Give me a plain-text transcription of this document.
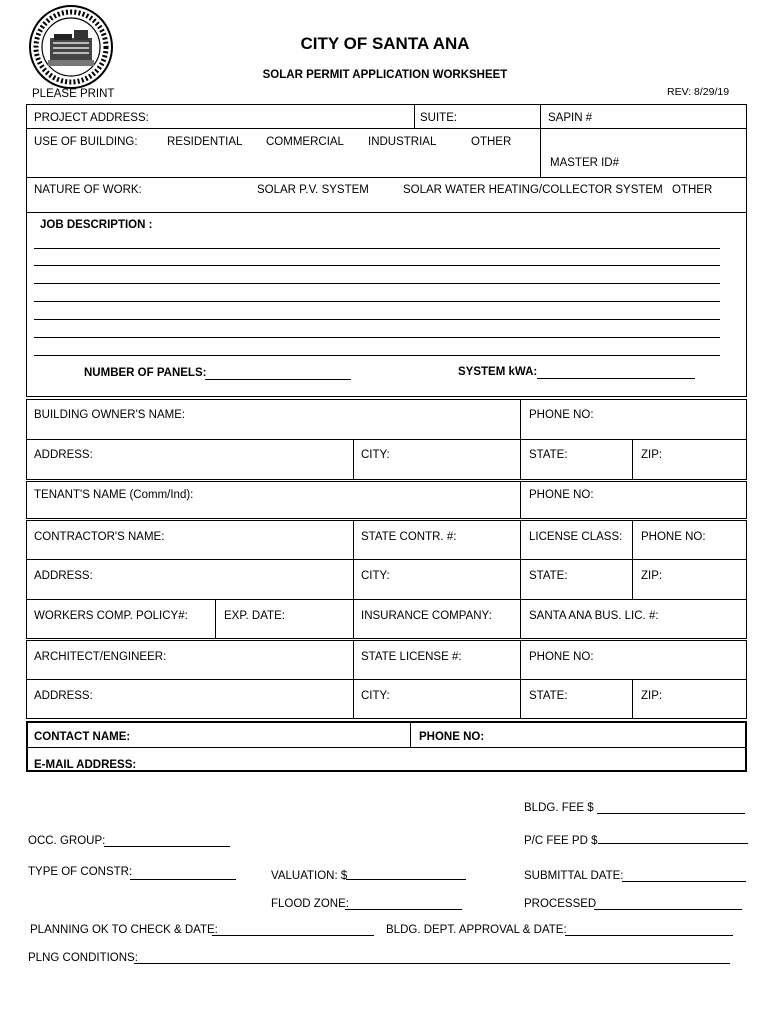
CITY OF SANTA ANA
SOLAR PERMIT APPLICATION WORKSHEET
REV: 8/29/19
PLEASE PRINT
PROJECT ADDRESS:	SUITE:	SAPIN #
USE OF BUILDING:	RESIDENTIAL COMMERCIAL INDUSTRIAL	OTHER
MASTER ID#
NATURE OF WORK:	SOLAR P.V. SYSTEM	SOLAR WATER HEATING/COLLECTOR SYSTEM OTHER
JOB DESCRIPTION :
NUMBER OF PANELS:	SYSTEM kWA:
BUILDING OWNER'S NAME:	PHONE NO:
ADDRESS:	CITY:	STATE:	ZIP:
TENANT'S NAME (Comm/Ind):	PHONE NO:
CONTRACTOR'S NAME:	STATE CONTR. #:	LICENSE CLASS: PHONE NO:
ADDRESS:	CITY:	STATE:	ZIP:
WORKERS COMP. POLICY#:	EXP. DATE:	INSURANCE COMPANY:	SANTA ANA BUS. LIC. #:
ARCHITECT/ENGINEER:	STATE LICENSE #:	PHONE NO:
ADDRESS:	CITY:	STATE:	ZIP:
CONTACT NAME:	PHONE NO:
E-MAIL ADDRESS:
BLDG. FEE $
OCC. GROUP:	P/C FEE PD $
TYPE OF CONSTR:	VALUATION: $	SUBMITTAL DATE:
FLOOD ZONE:	PROCESSED
PLANNING OK TO CHECK & DATE:	BLDG. DEPT. APPROVAL & DATE:
PLNG CONDITIONS:
